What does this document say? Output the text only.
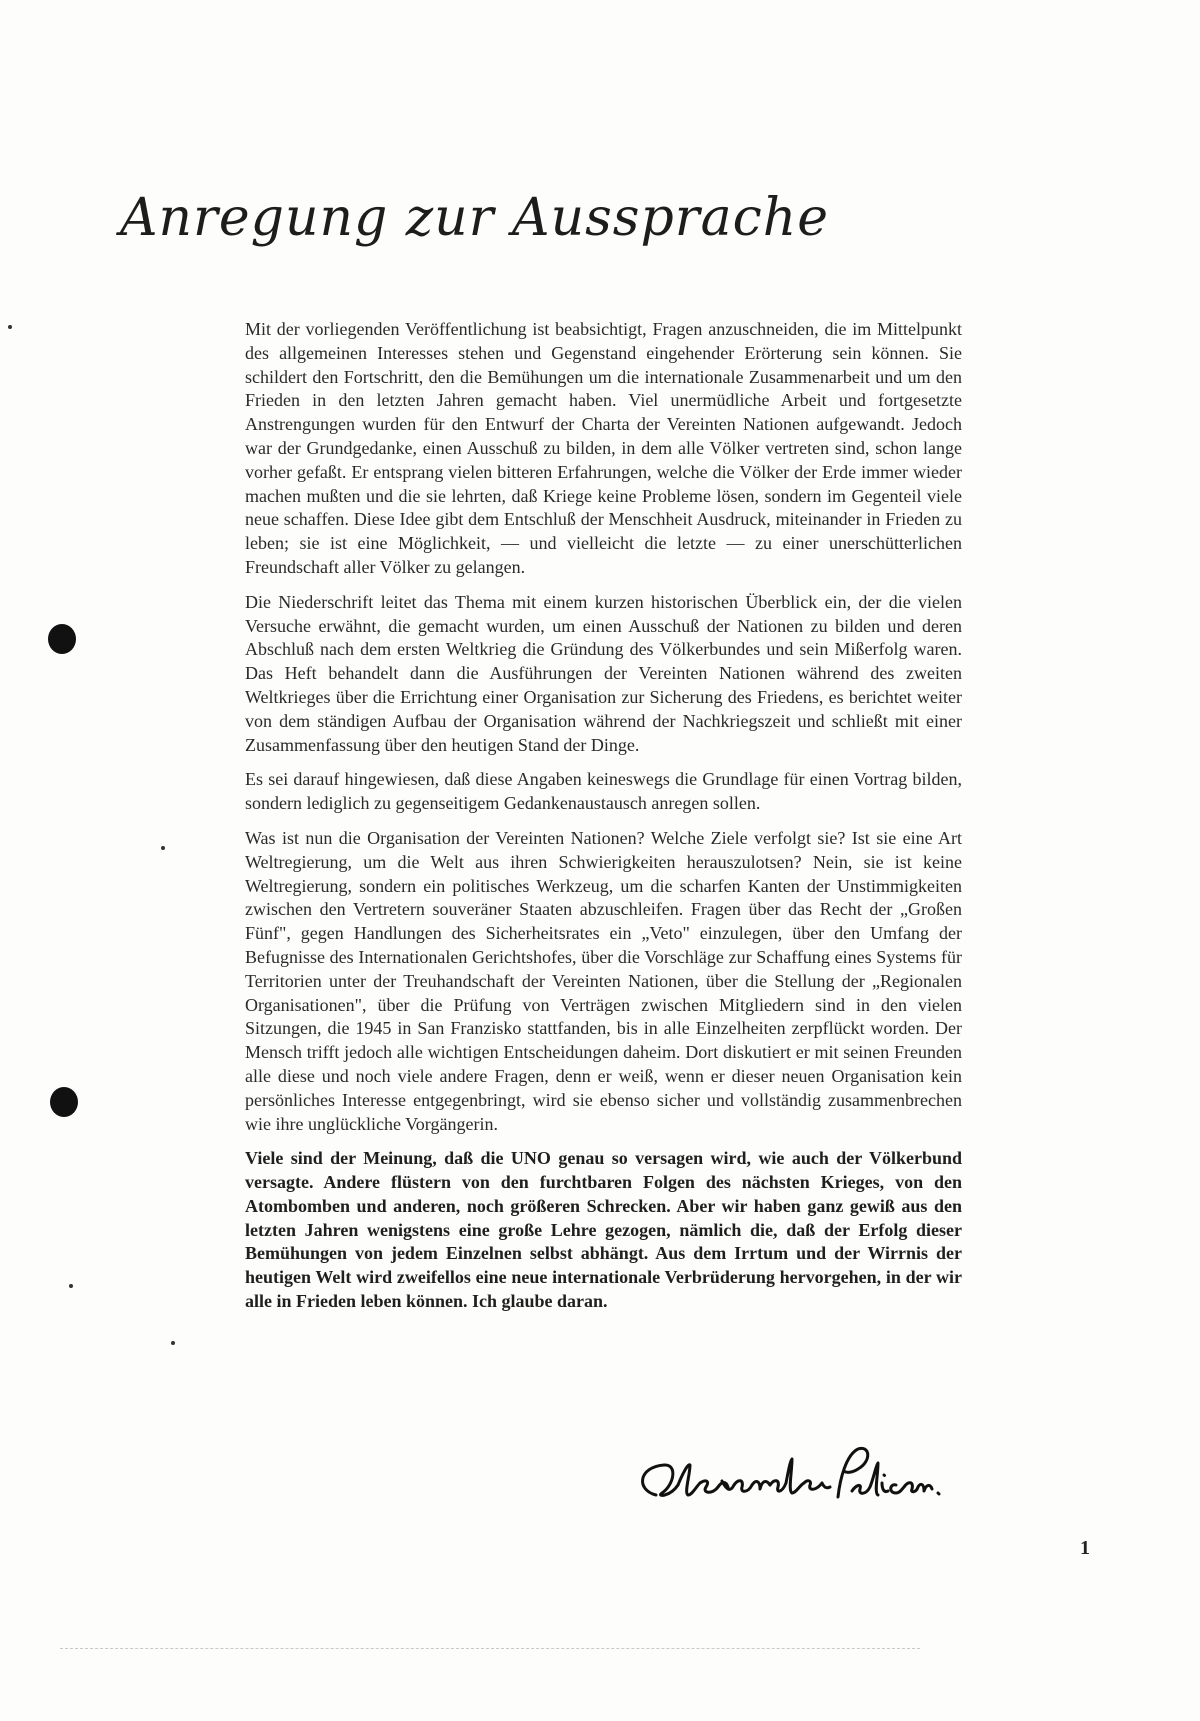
Anregung zur Aussprache

Mit der vorliegenden Veröffentlichung ist beabsichtigt, Fragen anzuschneiden, die im Mittelpunkt des allgemeinen Interesses stehen und Gegenstand eingehender Erörterung sein können. Sie schildert den Fortschritt, den die Bemühungen um die internationale Zusammenarbeit und um den Frieden in den letzten Jahren gemacht haben. Viel unermüdliche Arbeit und fortgesetzte Anstrengungen wurden für den Entwurf der Charta der Vereinten Nationen aufgewandt. Jedoch war der Grundgedanke, einen Ausschuß zu bilden, in dem alle Völker vertreten sind, schon lange vorher gefaßt. Er entsprang vielen bitteren Erfahrungen, welche die Völker der Erde immer wieder machen mußten und die sie lehrten, daß Kriege keine Probleme lösen, sondern im Gegenteil viele neue schaffen. Diese Idee gibt dem Entschluß der Menschheit Ausdruck, miteinander in Frieden zu leben; sie ist eine Möglichkeit, — und vielleicht die letzte — zu einer unerschütterlichen Freundschaft aller Völker zu gelangen.

Die Niederschrift leitet das Thema mit einem kurzen historischen Überblick ein, der die vielen Versuche erwähnt, die gemacht wurden, um einen Ausschuß der Nationen zu bilden und deren Abschluß nach dem ersten Weltkrieg die Gründung des Völkerbundes und sein Mißerfolg waren. Das Heft behandelt dann die Ausführungen der Vereinten Nationen während des zweiten Weltkrieges über die Errichtung einer Organisation zur Sicherung des Friedens, es berichtet weiter von dem ständigen Aufbau der Organisation während der Nachkriegszeit und schließt mit einer Zusammenfassung über den heutigen Stand der Dinge.

Es sei darauf hingewiesen, daß diese Angaben keineswegs die Grundlage für einen Vortrag bilden, sondern lediglich zu gegenseitigem Gedankenaustausch anregen sollen.

Was ist nun die Organisation der Vereinten Nationen? Welche Ziele verfolgt sie? Ist sie eine Art Weltregierung, um die Welt aus ihren Schwierigkeiten herauszulotsen? Nein, sie ist keine Weltregierung, sondern ein politisches Werkzeug, um die scharfen Kanten der Unstimmigkeiten zwischen den Vertretern souveräner Staaten abzuschleifen. Fragen über das Recht der „Großen Fünf", gegen Handlungen des Sicherheitsrates ein „Veto" einzulegen, über den Umfang der Befugnisse des Internationalen Gerichtshofes, über die Vorschläge zur Schaffung eines Systems für Territorien unter der Treuhandschaft der Vereinten Nationen, über die Stellung der „Regionalen Organisationen", über die Prüfung von Verträgen zwischen Mitgliedern sind in den vielen Sitzungen, die 1945 in San Franzisko stattfanden, bis in alle Einzelheiten zerpflückt worden. Der Mensch trifft jedoch alle wichtigen Entscheidungen daheim. Dort diskutiert er mit seinen Freunden alle diese und noch viele andere Fragen, denn er weiß, wenn er dieser neuen Organisation kein persönliches Interesse entgegenbringt, wird sie ebenso sicher und vollständig zusammenbrechen wie ihre unglückliche Vorgängerin.

Viele sind der Meinung, daß die UNO genau so versagen wird, wie auch der Völkerbund versagte. Andere flüstern von den furchtbaren Folgen des nächsten Krieges, von den Atombomben und anderen, noch größeren Schrecken. Aber wir haben ganz gewiß aus den letzten Jahren wenigstens eine große Lehre gezogen, nämlich die, daß der Erfolg dieser Bemühungen von jedem Einzelnen selbst abhängt. Aus dem Irrtum und der Wirrnis der heutigen Welt wird zweifellos eine neue internationale Verbrüderung hervorgehen, in der wir alle in Frieden leben können. Ich glaube daran.

1
